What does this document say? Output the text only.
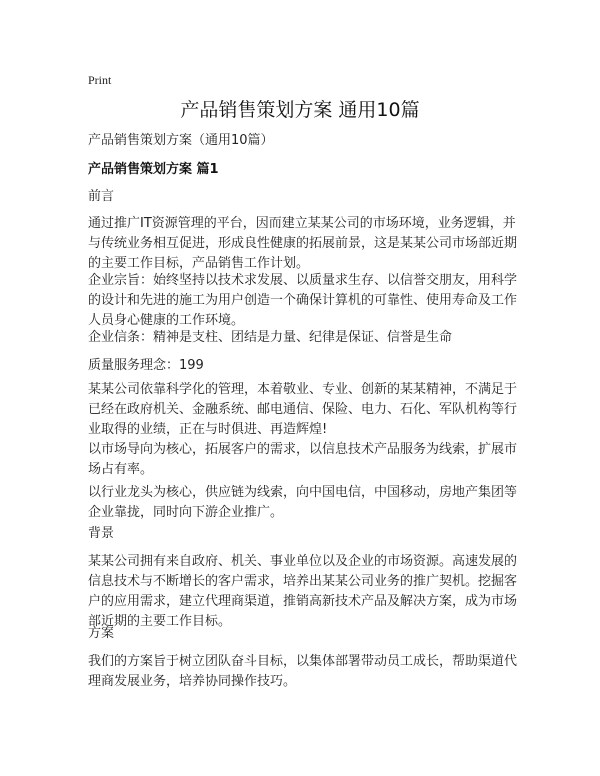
Print
产品销售策划方案 通用10篇

产品销售策划方案（通用10篇）

产品销售策划方案 篇1

前言

通过推广IT资源管理的平台，因而建立某某公司的市场环境，业务逻辑，并与传统业务相互促进，形成良性健康的拓展前景，这是某某公司市场部近期的主要工作目标，产品销售工作计划。

企业宗旨：始终坚持以技术求发展、以质量求生存、以信誉交朋友，用科学的设计和先进的施工为用户创造一个确保计算机的可靠性、使用寿命及工作人员身心健康的工作环境。

企业信条：精神是支柱、团结是力量、纪律是保证、信誉是生命

质量服务理念：199

某某公司依靠科学化的管理，本着敬业、专业、创新的某某精神，不满足于已经在政府机关、金融系统、邮电通信、保险、电力、石化、军队机构等行业取得的业绩，正在与时俱进、再造辉煌!

以市场导向为核心，拓展客户的需求，以信息技术产品服务为线索，扩展市场占有率。

以行业龙头为核心，供应链为线索，向中国电信，中国移动，房地产集团等企业靠拢，同时向下游企业推广。

背景

某某公司拥有来自政府、机关、事业单位以及企业的市场资源。高速发展的信息技术与不断增长的客户需求，培养出某某公司业务的推广契机。挖掘客户的应用需求，建立代理商渠道，推销高新技术产品及解决方案，成为市场部近期的主要工作目标。

方案

我们的方案旨于树立团队奋斗目标，以集体部署带动员工成长，帮助渠道代理商发展业务，培养协同操作技巧。
